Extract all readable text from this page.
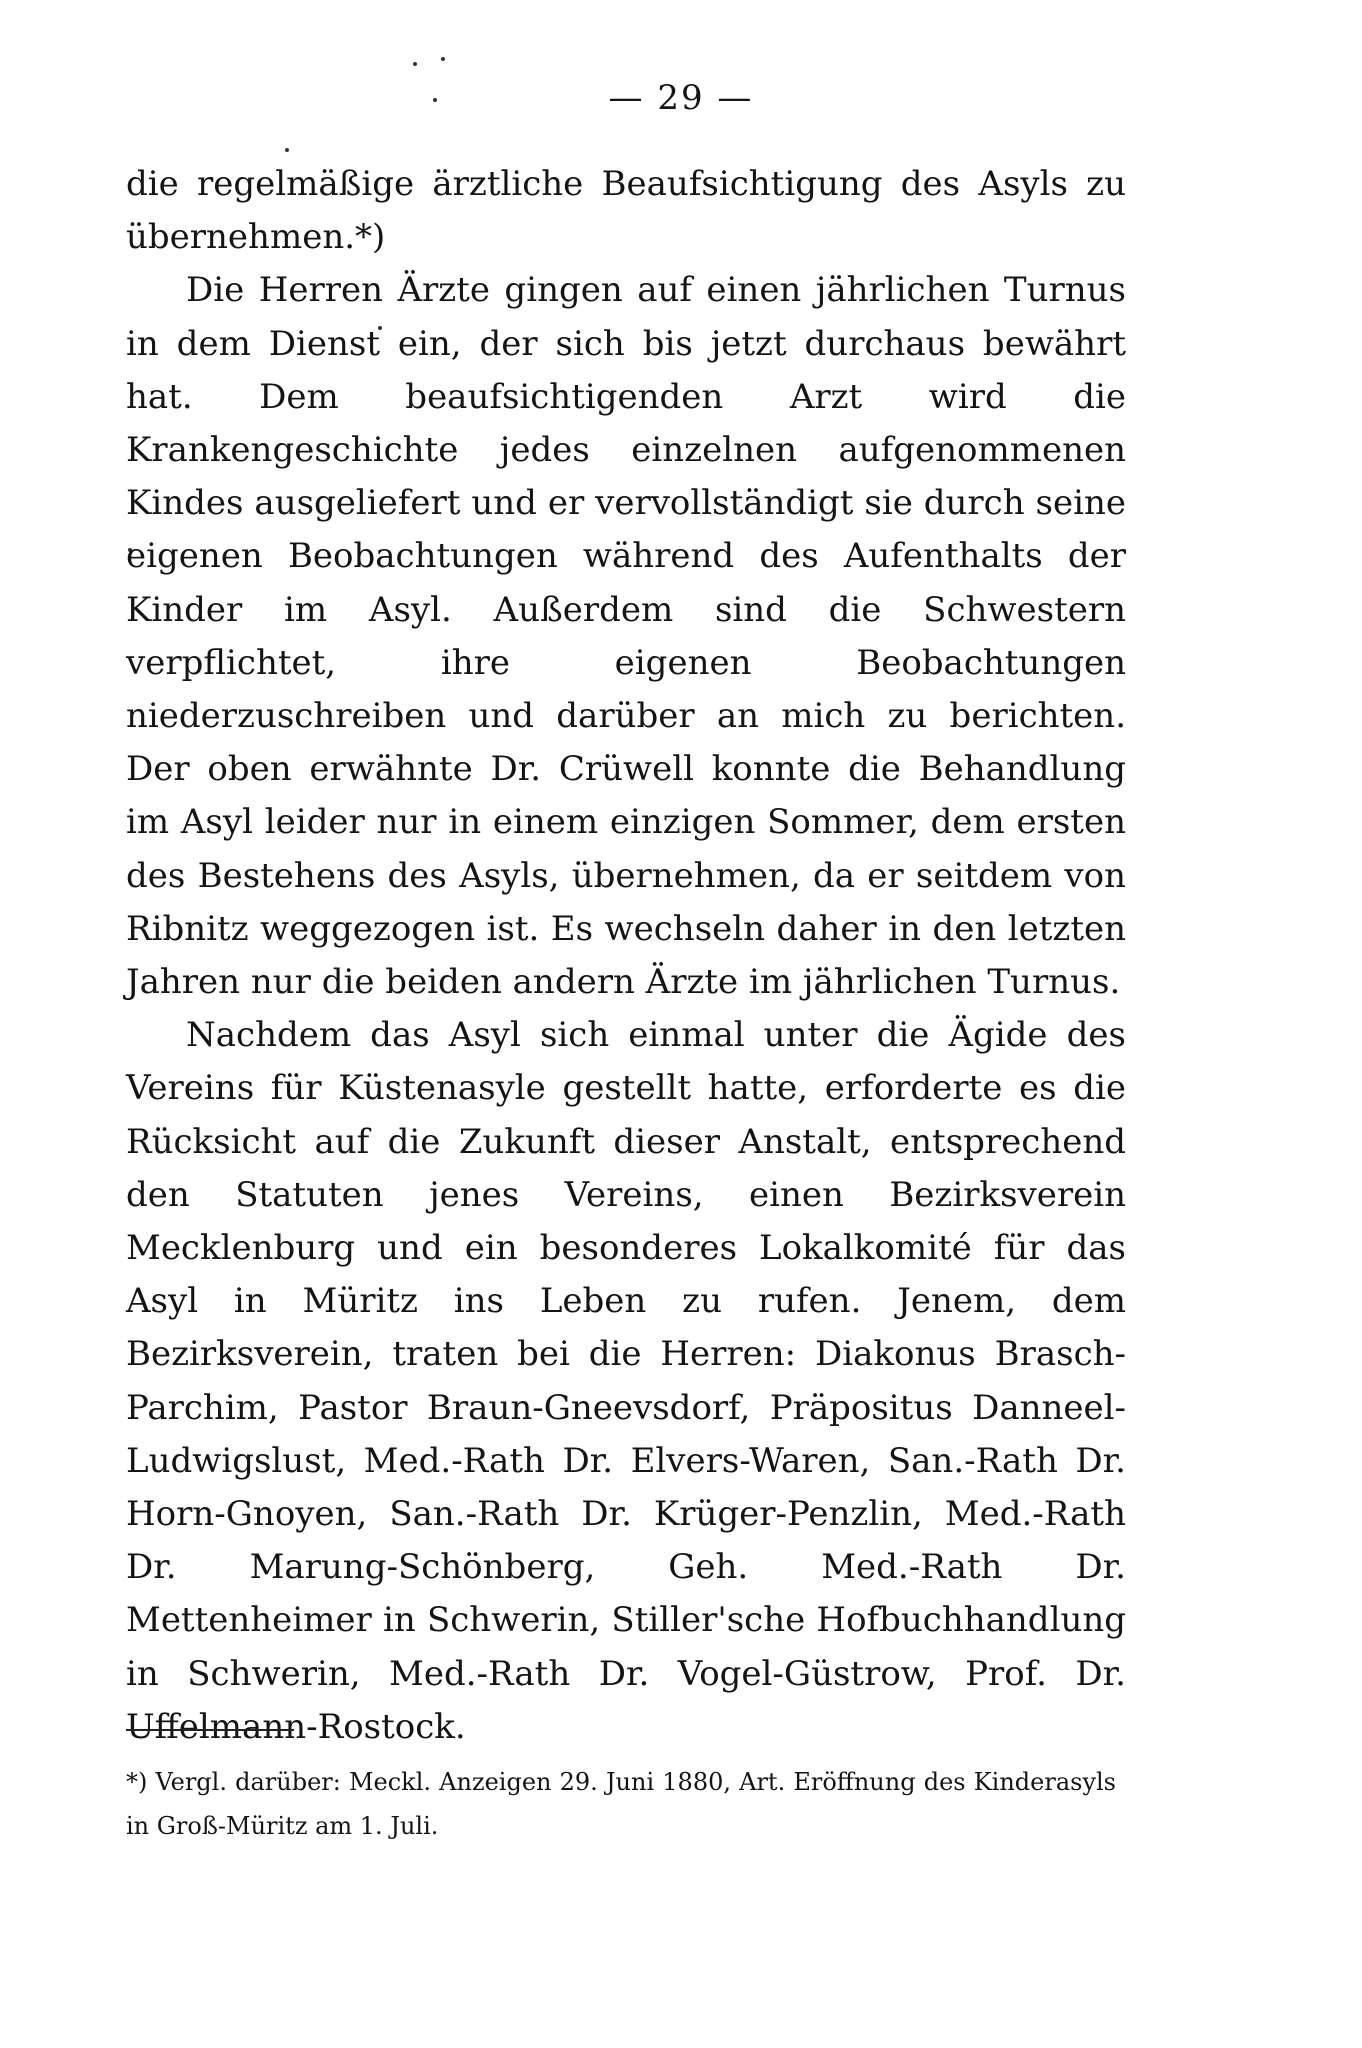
— 29 —

die regelmäßige ärztliche Beaufsichtigung des Asyls zu übernehmen.*)

Die Herren Ärzte gingen auf einen jährlichen Turnus in dem Dienst ein, der sich bis jetzt durchaus bewährt hat. Dem beaufsichtigenden Arzt wird die Krankengeschichte jedes einzelnen aufgenommenen Kindes ausgeliefert und er vervollständigt sie durch seine eigenen Beobachtungen während des Aufenthalts der Kinder im Asyl. Außerdem sind die Schwestern verpflichtet, ihre eigenen Beobachtungen niederzuschreiben und darüber an mich zu berichten. Der oben erwähnte Dr. Crüwell konnte die Behandlung im Asyl leider nur in einem einzigen Sommer, dem ersten des Bestehens des Asyls, übernehmen, da er seitdem von Ribnitz weggezogen ist. Es wechseln daher in den letzten Jahren nur die beiden andern Ärzte im jährlichen Turnus.

Nachdem das Asyl sich einmal unter die Ägide des Vereins für Küstenasyle gestellt hatte, erforderte es die Rücksicht auf die Zukunft dieser Anstalt, entsprechend den Statuten jenes Vereins, einen Bezirksverein Mecklenburg und ein besonderes Lokalkomité für das Asyl in Müritz ins Leben zu rufen. Jenem, dem Bezirksverein, traten bei die Herren: Diakonus Brasch-Parchim, Pastor Braun-Gneevsdorf, Präpositus Danneel-Ludwigslust, Med.-Rath Dr. Elvers-Waren, San.-Rath Dr. Horn-Gnoyen, San.-Rath Dr. Krüger-Penzlin, Med.-Rath Dr. Marung-Schönberg, Geh. Med.-Rath Dr. Mettenheimer in Schwerin, Stiller'sche Hofbuchhandlung in Schwerin, Med.-Rath Dr. Vogel-Güstrow, Prof. Dr. Uffelmann-Rostock.

*) Vergl. darüber: Meckl. Anzeigen 29. Juni 1880, Art. Eröffnung des Kinderasyls in Groß-Müritz am 1. Juli.
